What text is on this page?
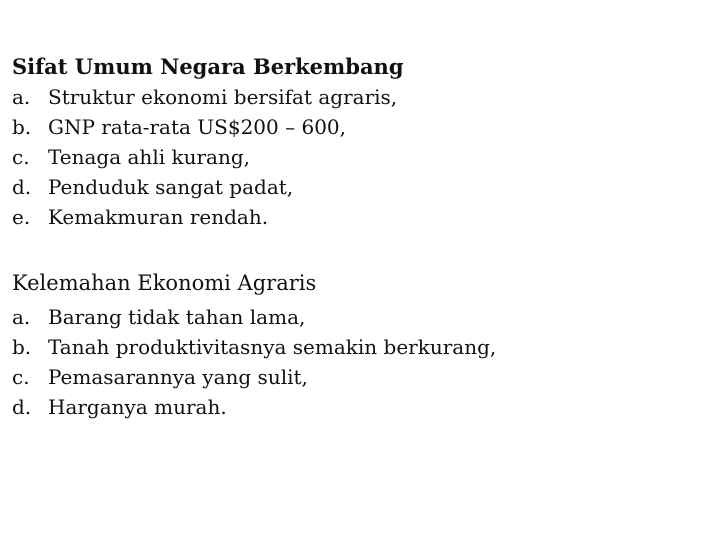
Sifat Umum Negara Berkembang
a. Struktur ekonomi bersifat agraris,
b. GNP rata-rata US$200 – 600,
c. Tenaga ahli kurang,
d. Penduduk sangat padat,
e. Kemakmuran rendah.
Kelemahan Ekonomi Agraris
a. Barang tidak tahan lama,
b. Tanah produktivitasnya semakin berkurang,
c. Pemasarannya yang sulit,
d. Harganya murah.
